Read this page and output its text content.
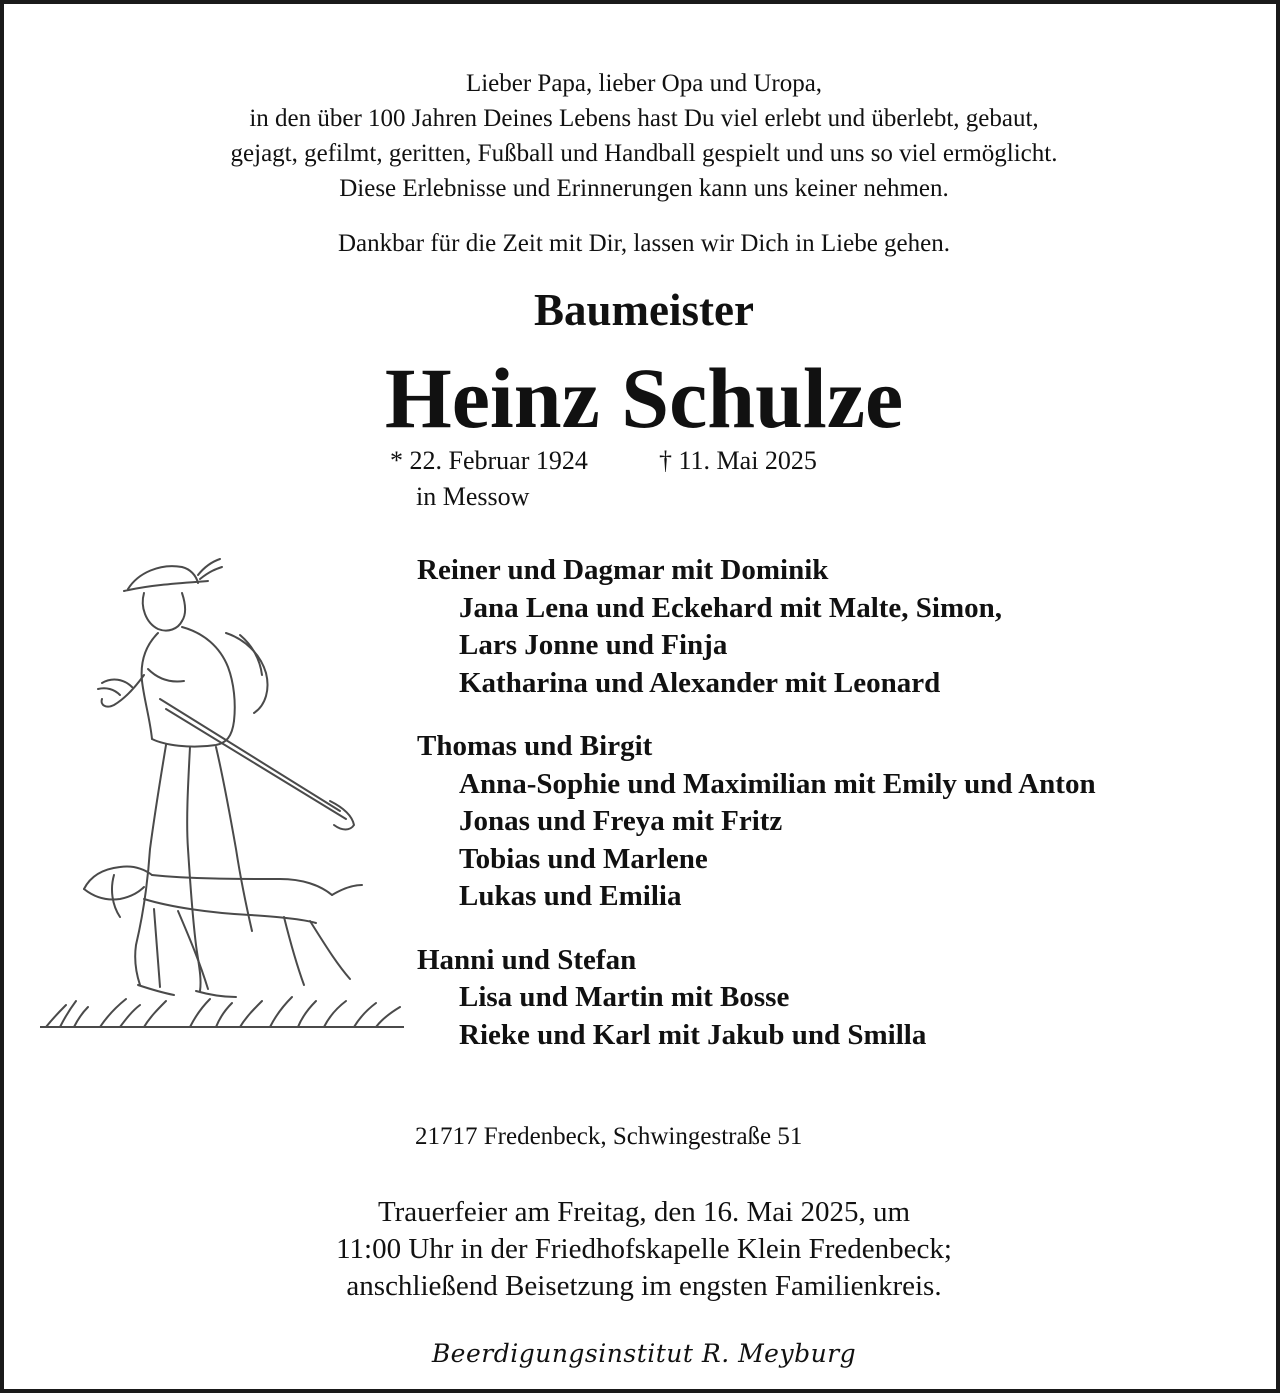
Lieber Papa, lieber Opa und Uropa,
in den über 100 Jahren Deines Lebens hast Du viel erlebt und überlebt, gebaut,
gejagt, gefilmt, geritten, Fußball und Handball gespielt und uns so viel ermöglicht.
Diese Erlebnisse und Erinnerungen kann uns keiner nehmen.
Dankbar für die Zeit mit Dir, lassen wir Dich in Liebe gehen.
Baumeister
Heinz Schulze
* 22. Februar 1924	† 11. Mai 2025
in Messow
Reiner und Dagmar mit Dominik
Jana Lena und Eckehard mit Malte, Simon,
Lars Jonne und Finja
Katharina und Alexander mit Leonard
Thomas und Birgit
Anna-Sophie und Maximilian mit Emily und Anton
Jonas und Freya mit Fritz
Tobias und Marlene
Lukas und Emilia
Hanni und Stefan
Lisa und Martin mit Bosse
Rieke und Karl mit Jakub und Smilla
21717 Fredenbeck, Schwingestraße 51
Trauerfeier am Freitag, den 16. Mai 2025, um
11:00 Uhr in der Friedhofskapelle Klein Fredenbeck;
anschließend Beisetzung im engsten Familienkreis.
Beerdigungsinstitut R. Meyburg
